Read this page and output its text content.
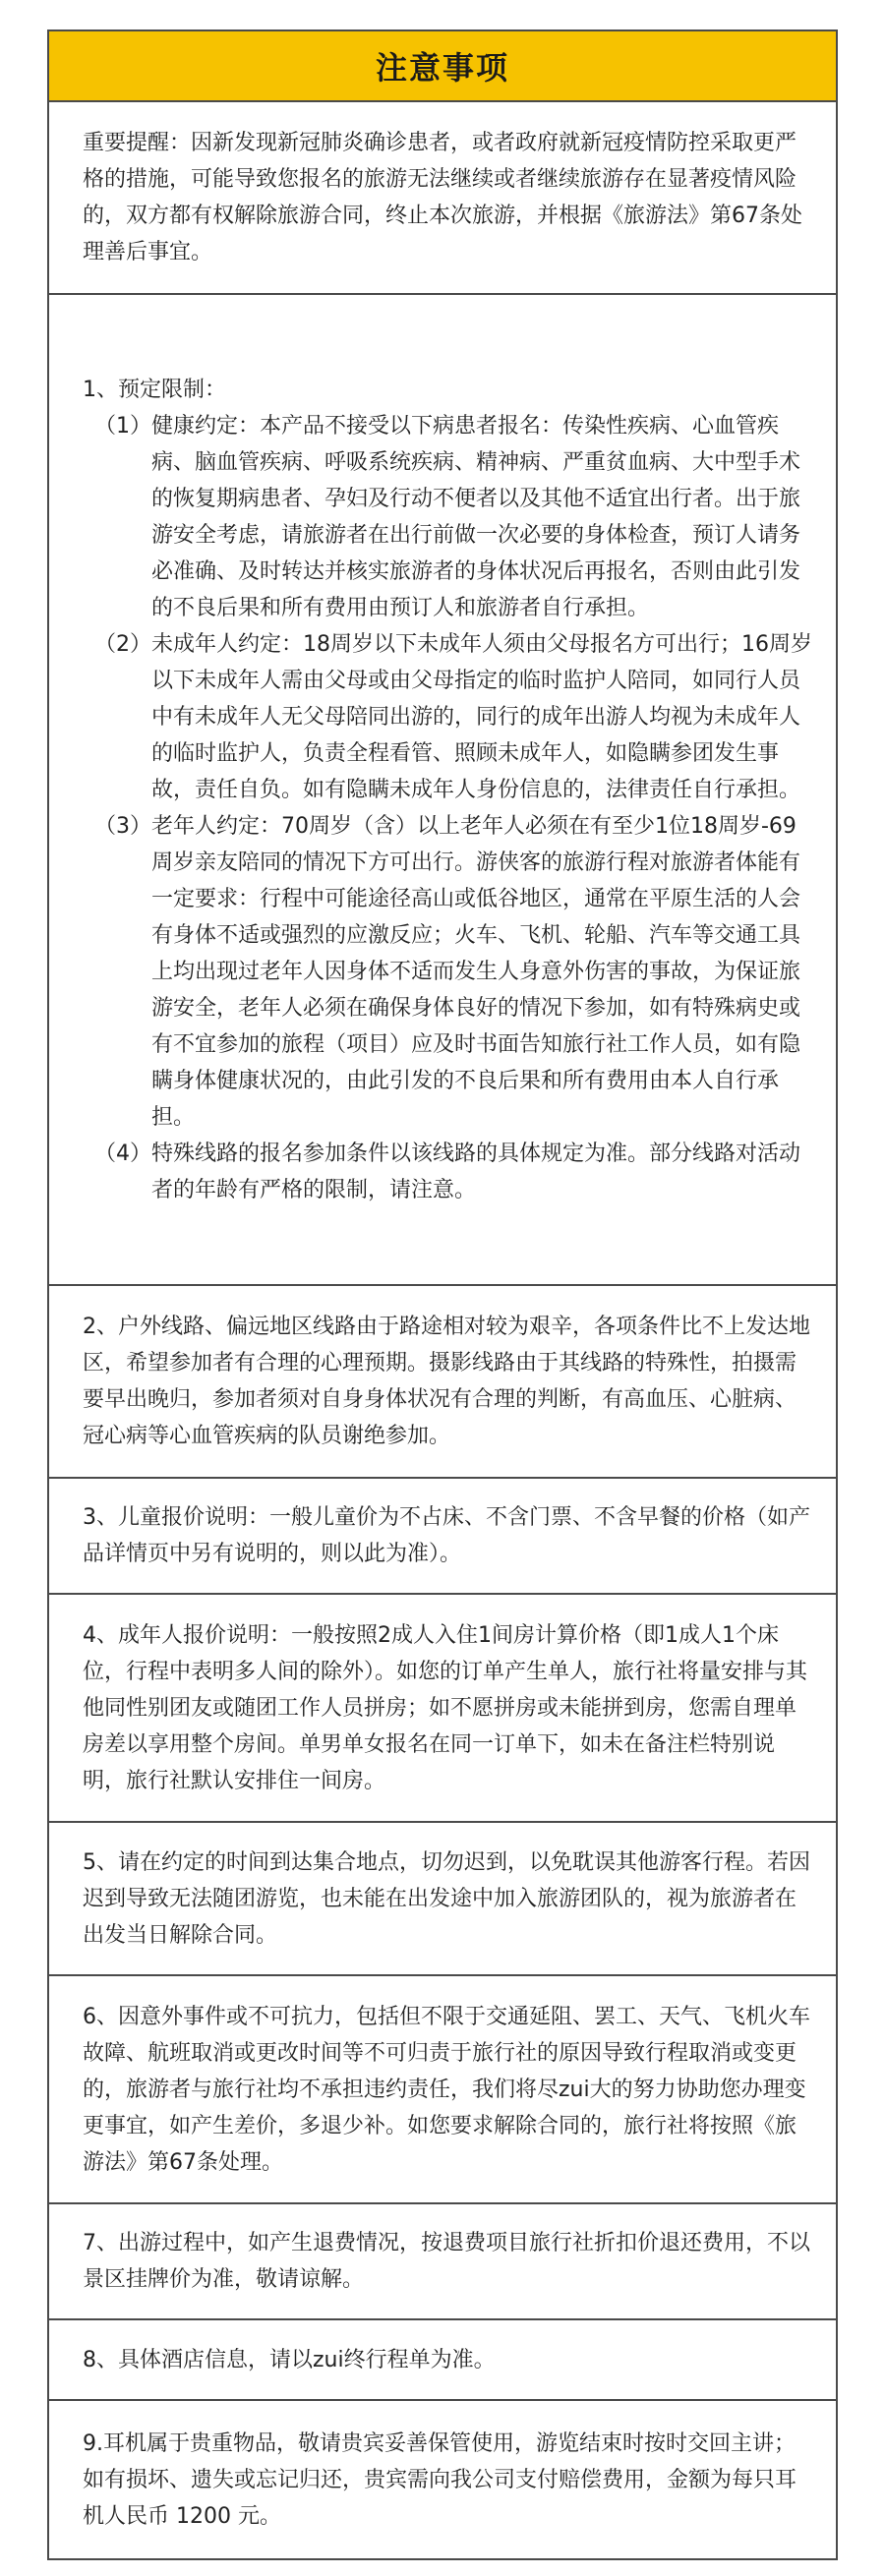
注意事项

重要提醒：因新发现新冠肺炎确诊患者，或者政府就新冠疫情防控采取更严格的措施，可能导致您报名的旅游无法继续或者继续旅游存在显著疫情风险的，双方都有权解除旅游合同，终止本次旅游，并根据《旅游法》第67条处理善后事宜。

1、预定限制：

（1） 健康约定：本产品不接受以下病患者报名：传染性疾病、心血管疾病、脑血管疾病、呼吸系统疾病、精神病、严重贫血病、大中型手术的恢复期病患者、孕妇及行动不便者以及其他不适宜出行者。出于旅游安全考虑，请旅游者在出行前做一次必要的身体检查，预订人请务必准确、及时转达并核实旅游者的身体状况后再报名，否则由此引发的不良后果和所有费用由预订人和旅游者自行承担。
（2） 未成年人约定：18周岁以下未成年人须由父母报名方可出行；16周岁以下未成年人需由父母或由父母指定的临时监护人陪同，如同行人员中有未成年人无父母陪同出游的，同行的成年出游人均视为未成年人的临时监护人，负责全程看管、照顾未成年人，如隐瞒参团发生事故，责任自负。如有隐瞒未成年人身份信息的，法律责任自行承担。
（3） 老年人约定：70周岁（含）以上老年人必须在有至少1位18周岁-69周岁亲友陪同的情况下方可出行。游侠客的旅游行程对旅游者体能有一定要求：行程中可能途径高山或低谷地区，通常在平原生活的人会有身体不适或强烈的应激反应；火车、飞机、轮船、汽车等交通工具上均出现过老年人因身体不适而发生人身意外伤害的事故，为保证旅游安全，老年人必须在确保身体良好的情况下参加，如有特殊病史或有不宜参加的旅程（项目）应及时书面告知旅行社工作人员，如有隐瞒身体健康状况的，由此引发的不良后果和所有费用由本人自行承担。
（4） 特殊线路的报名参加条件以该线路的具体规定为准。部分线路对活动者的年龄有严格的限制，请注意。

2、户外线路、偏远地区线路由于路途相对较为艰辛，各项条件比不上发达地区，希望参加者有合理的心理预期。摄影线路由于其线路的特殊性，拍摄需要早出晚归，参加者须对自身身体状况有合理的判断，有高血压、心脏病、冠心病等心血管疾病的队员谢绝参加。

3、儿童报价说明：一般儿童价为不占床、不含门票、不含早餐的价格（如产品详情页中另有说明的，则以此为准）。

4、成年人报价说明：一般按照2成人入住1间房计算价格（即1成人1个床位，行程中表明多人间的除外）。如您的订单产生单人，旅行社将量安排与其他同性别团友或随团工作人员拼房；如不愿拼房或未能拼到房，您需自理单房差以享用整个房间。单男单女报名在同一订单下，如未在备注栏特别说明，旅行社默认安排住一间房。

5、请在约定的时间到达集合地点，切勿迟到，以免耽误其他游客行程。若因迟到导致无法随团游览，也未能在出发途中加入旅游团队的，视为旅游者在出发当日解除合同。

6、因意外事件或不可抗力，包括但不限于交通延阻、罢工、天气、飞机火车故障、航班取消或更改时间等不可归责于旅行社的原因导致行程取消或变更的，旅游者与旅行社均不承担违约责任，我们将尽zui大的努力协助您办理变更事宜，如产生差价，多退少补。如您要求解除合同的，旅行社将按照《旅游法》第67条处理。

7、出游过程中，如产生退费情况，按退费项目旅行社折扣价退还费用，不以景区挂牌价为准，敬请谅解。

8、具体酒店信息，请以zui终行程单为准。

9.耳机属于贵重物品，敬请贵宾妥善保管使用，游览结束时按时交回主讲；如有损坏、遗失或忘记归还，贵宾需向我公司支付赔偿费用，金额为每只耳机人民币 1200 元。
